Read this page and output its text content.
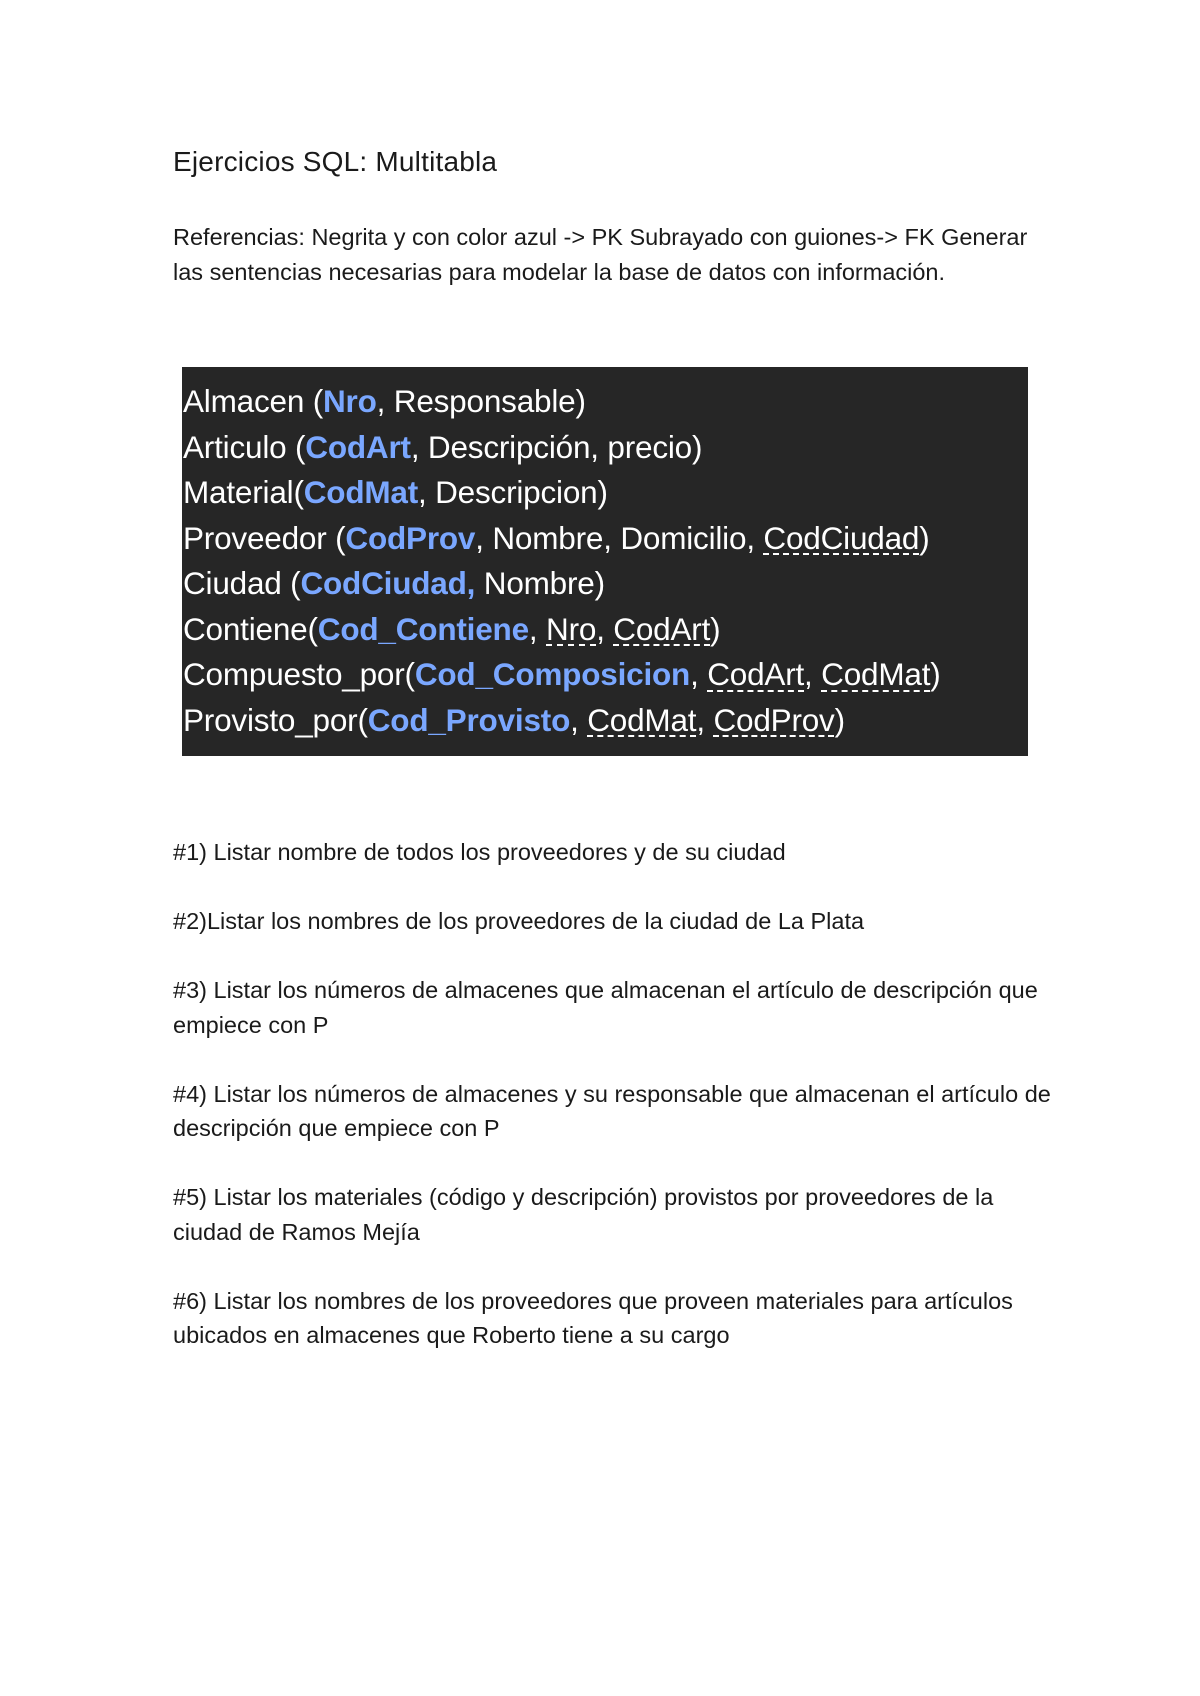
Ejercicios SQL: Multitabla

Referencias: Negrita y con color azul -> PK Subrayado con guiones-> FK Generar las sentencias necesarias para modelar la base de datos con información.

Almacen (Nro, Responsable)
Articulo (CodArt, Descripción, precio)
Material(CodMat, Descripcion)
Proveedor (CodProv, Nombre, Domicilio, CodCiudad)
Ciudad (CodCiudad, Nombre)
Contiene(Cod_Contiene, Nro, CodArt)
Compuesto_por(Cod_Composicion, CodArt, CodMat)
Provisto_por(Cod_Provisto, CodMat, CodProv)

#1) Listar nombre de todos los proveedores y de su ciudad

#2)Listar los nombres de los proveedores de la ciudad de La Plata

#3) Listar los números de almacenes que almacenan el artículo de descripción que empiece con P

#4) Listar los números de almacenes y su responsable que almacenan el artículo de descripción que empiece con P

#5) Listar los materiales (código y descripción) provistos por proveedores de la ciudad de Ramos Mejía

#6) Listar los nombres de los proveedores que proveen materiales para artículos ubicados en almacenes que Roberto tiene a su cargo
